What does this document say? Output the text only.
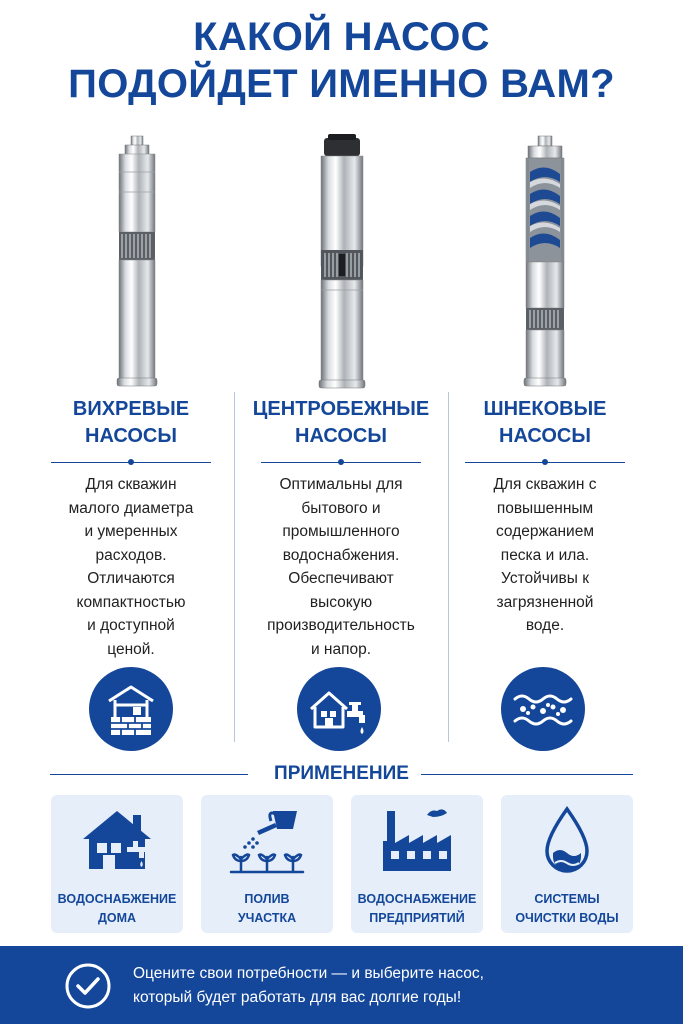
КАКОЙ НАСОС
ПОДОЙДЕТ ИМЕННО ВАМ?
ВИХРЕВЫЕ
НАСОСЫ
Для скважин
малого диаметра
и умеренных
расходов.
Отличаются
компактностью
и доступной
ценой.
ЦЕНТРОБЕЖНЫЕ
НАСОСЫ
Оптимальны для
бытового и
промышленного
водоснабжения.
Обеспечивают
высокую
производительность
и напор.
ШНЕКОВЫЕ
НАСОСЫ
Для скважин с
повышенным
содержанием
песка и ила.
Устойчивы к
загрязненной
воде.
ПРИМЕНЕНИЕ
ВОДОСНАБЖЕНИЕ
ДОМА
ПОЛИВ
УЧАСТКА
ВОДОСНАБЖЕНИЕ
ПРЕДПРИЯТИЙ
СИСТЕМЫ
ОЧИСТКИ ВОДЫ
Оцените свои потребности — и выберите насос,
который будет работать для вас долгие годы!
